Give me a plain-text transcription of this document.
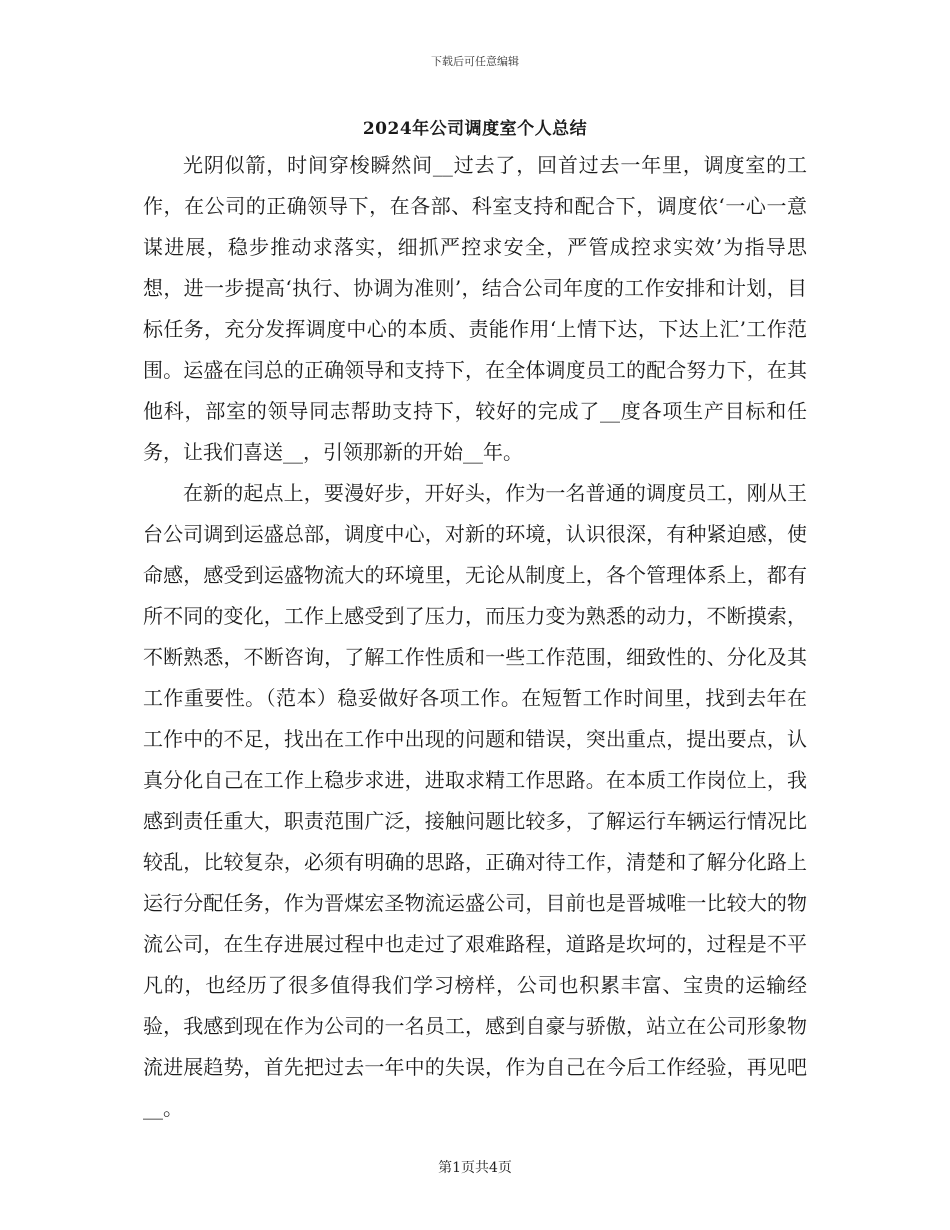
下载后可任意编辑
2024年公司调度室个人总结

光阴似箭，时间穿梭瞬然间__过去了，回首过去一年里，调度室的工作，在公司的正确领导下，在各部、科室支持和配合下，调度依‘一心一意谋进展，稳步推动求落实，细抓严控求安全，严管成控求实效’为指导思想，进一步提高‘执行、协调为准则’，结合公司年度的工作安排和计划，目标任务，充分发挥调度中心的本质、责能作用‘上情下达，下达上汇’工作范围。运盛在闫总的正确领导和支持下，在全体调度员工的配合努力下，在其他科，部室的领导同志帮助支持下，较好的完成了__度各项生产目标和任务，让我们喜送__，引领那新的开始__年。

在新的起点上，要漫好步，开好头，作为一名普通的调度员工，刚从王台公司调到运盛总部，调度中心，对新的环境，认识很深，有种紧迫感，使命感，感受到运盛物流大的环境里，无论从制度上，各个管理体系上，都有所不同的变化，工作上感受到了压力，而压力变为熟悉的动力，不断摸索，不断熟悉，不断咨询，了解工作性质和一些工作范围，细致性的、分化及其工作重要性。（范本）稳妥做好各项工作。在短暂工作时间里，找到去年在工作中的不足，找出在工作中出现的问题和错误，突出重点，提出要点，认真分化自己在工作上稳步求进，进取求精工作思路。在本质工作岗位上，我感到责任重大，职责范围广泛，接触问题比较多，了解运行车辆运行情况比较乱，比较复杂，必须有明确的思路，正确对待工作，清楚和了解分化路上运行分配任务，作为晋煤宏圣物流运盛公司，目前也是晋城唯一比较大的物流公司，在生存进展过程中也走过了艰难路程，道路是坎坷的，过程是不平凡的，也经历了很多值得我们学习榜样，公司也积累丰富、宝贵的运输经验，我感到现在作为公司的一名员工，感到自豪与骄傲，站立在公司形象物流进展趋势，首先把过去一年中的失误，作为自己在今后工作经验，再见吧__。

第1页共4页
